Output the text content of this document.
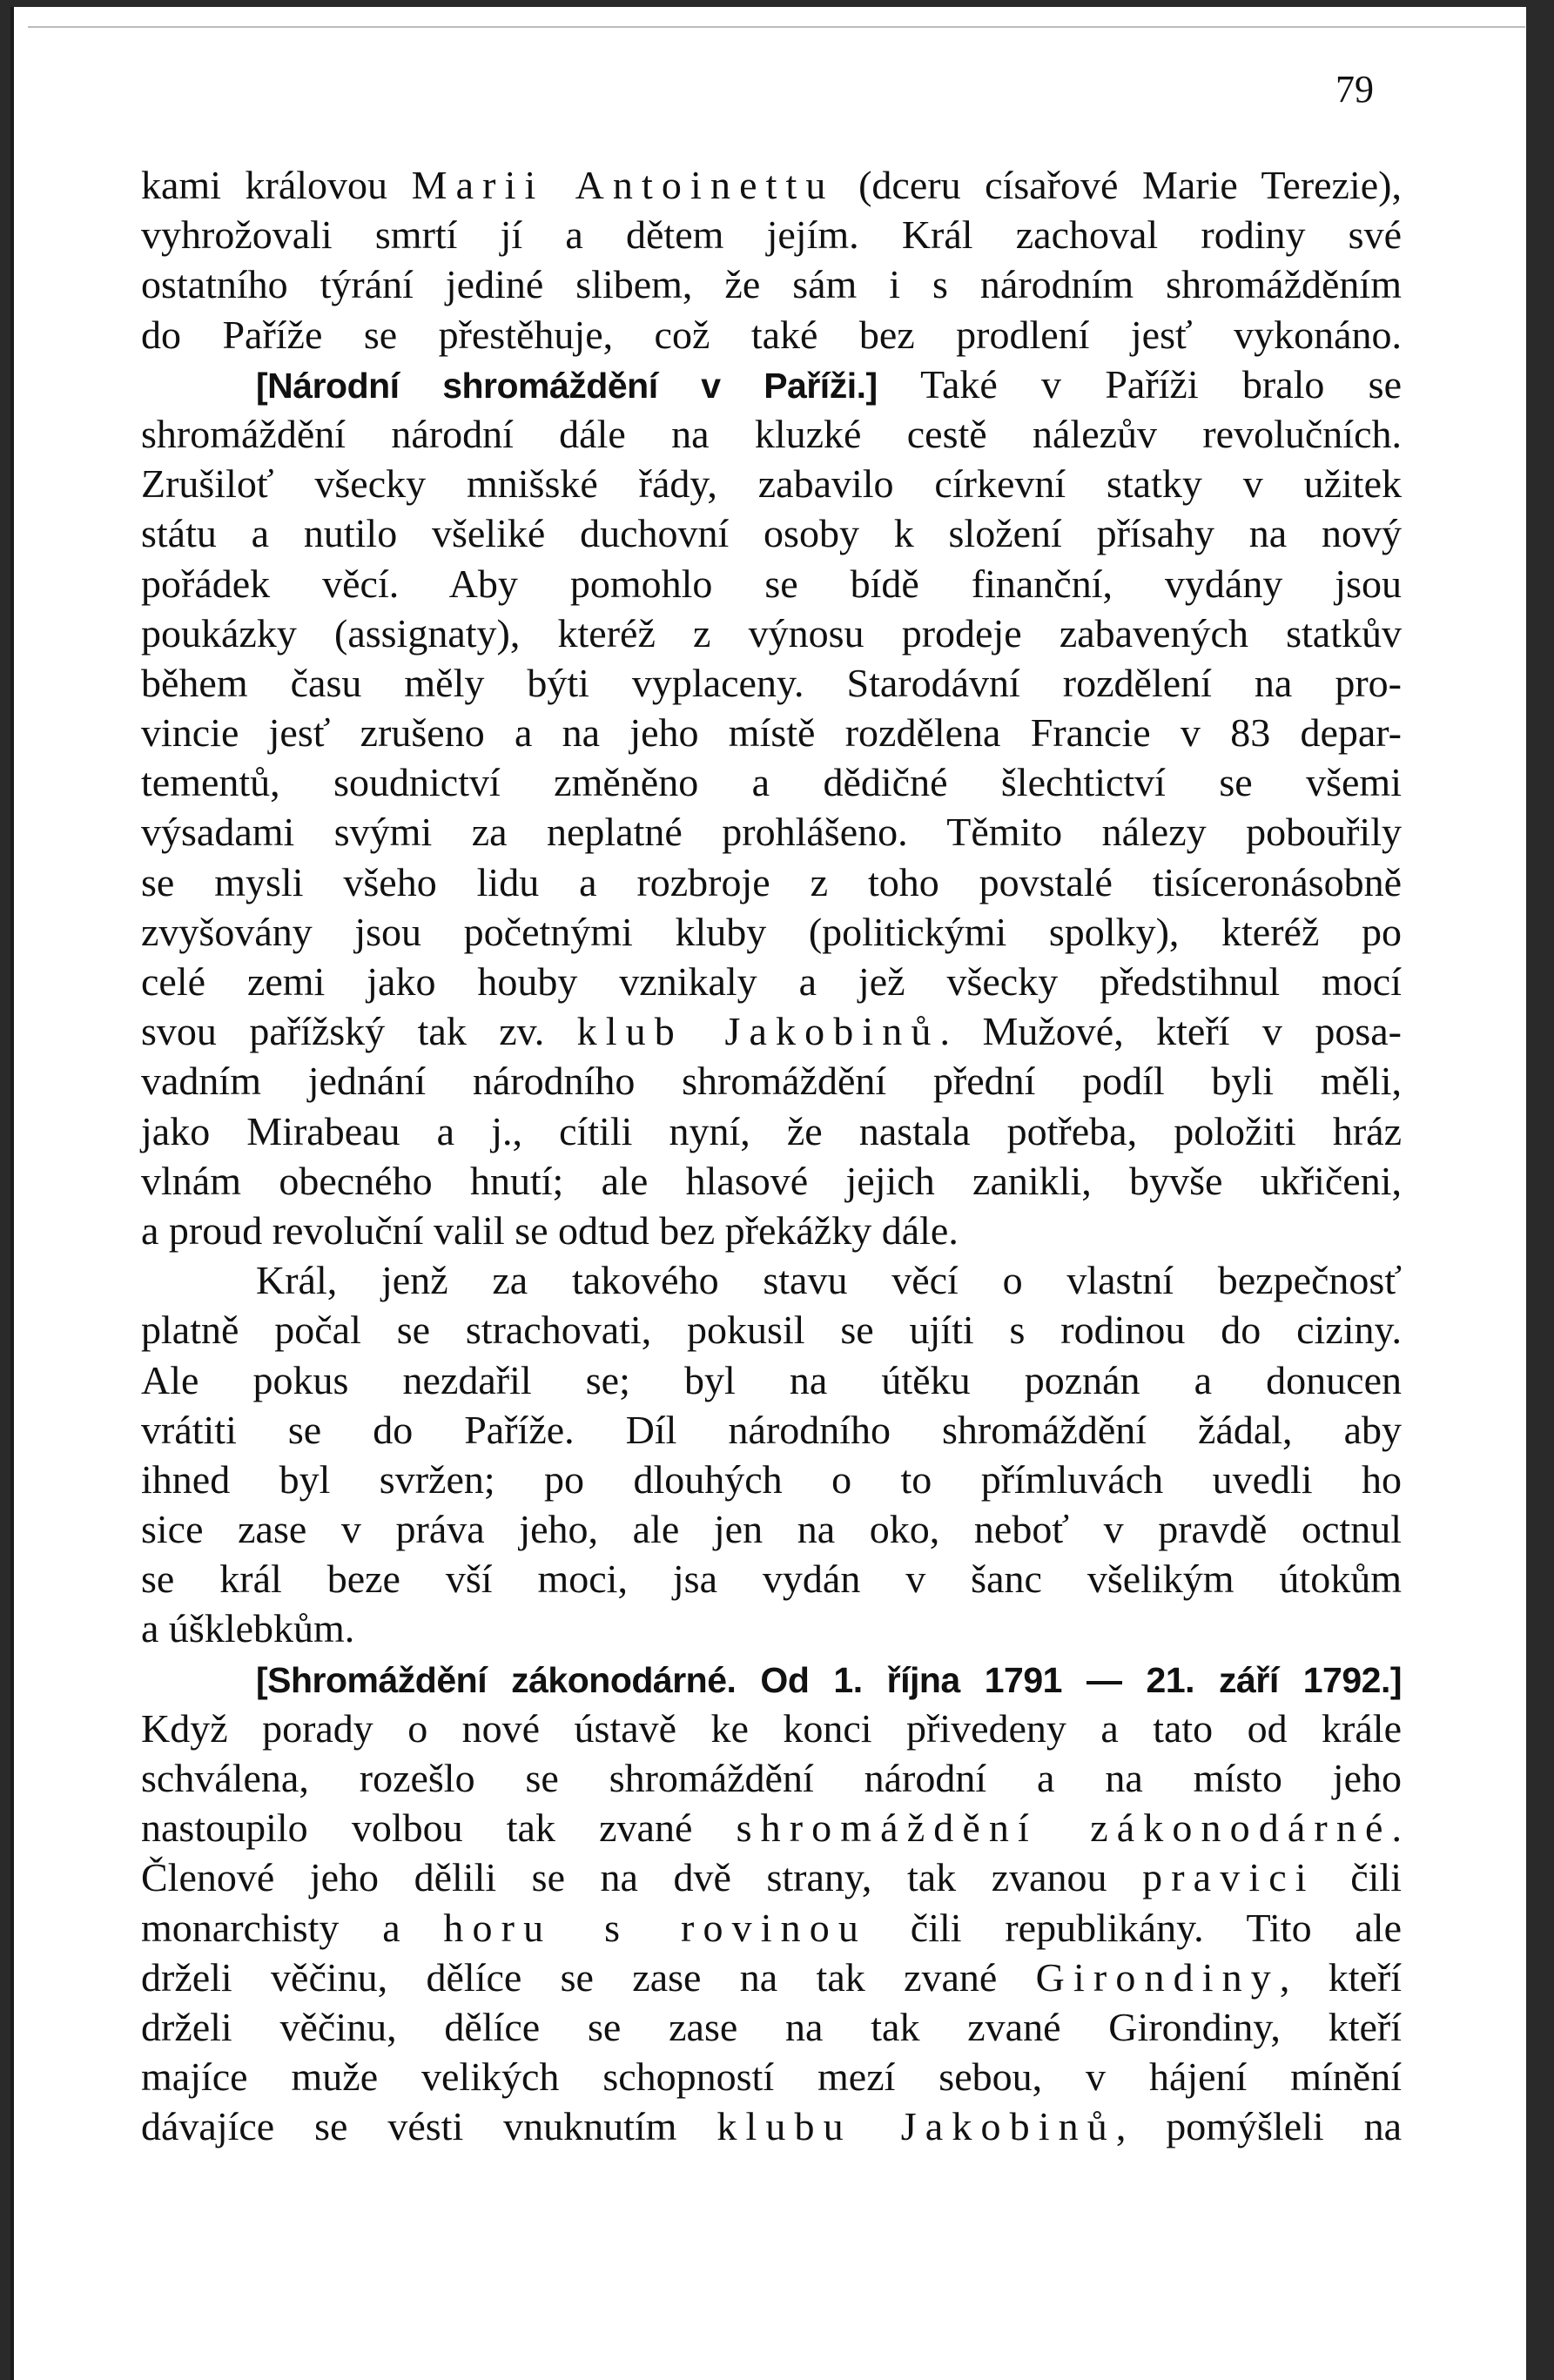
79
kami královou Marii Antoinettu (dceru císařové Marie Terezie),
vyhrožovali smrtí jí a dětem jejím. Král zachoval rodiny své
ostatního týrání jediné slibem, že sám i s národním shromážděním
do Paříže se přestěhuje, což také bez prodlení jesť vykonáno.
[Národní shromáždění v Paříži.] Také v Paříži bralo se
shromáždění národní dále na kluzké cestě nálezův revolučních.
Zrušiloť všecky mnišské řády, zabavilo církevní statky v užitek
státu a nutilo všeliké duchovní osoby k složení přísahy na nový
pořádek věcí. Aby pomohlo se bídě finanční, vydány jsou
poukázky (assignaty), kteréž z výnosu prodeje zabavených statkův
během času měly býti vyplaceny. Starodávní rozdělení na pro-
vincie jesť zrušeno a na jeho místě rozdělena Francie v 83 depar-
tementů, soudnictví změněno a dědičné šlechtictví se všemi
výsadami svými za neplatné prohlášeno. Těmito nálezy pobouřily
se mysli všeho lidu a rozbroje z toho povstalé tisíceronásobně
zvyšovány jsou početnými kluby (politickými spolky), kteréž po
celé zemi jako houby vznikaly a jež všecky předstihnul mocí
svou pařížský tak zv. klub Jakobinů. Mužové, kteří v posa-
vadním jednání národního shromáždění přední podíl byli měli,
jako Mirabeau a j., cítili nyní, že nastala potřeba, položiti hráz
vlnám obecného hnutí; ale hlasové jejich zanikli, byvše ukřičeni,
a proud revoluční valil se odtud bez překážky dále.
Král, jenž za takového stavu věcí o vlastní bezpečnosť
platně počal se strachovati, pokusil se ujíti s rodinou do ciziny.
Ale pokus nezdařil se; byl na útěku poznán a donucen
vrátiti se do Paříže. Díl národního shromáždění žádal, aby
ihned byl svržen; po dlouhých o to přímluvách uvedli ho
sice zase v práva jeho, ale jen na oko, neboť v pravdě octnul
se král beze vší moci, jsa vydán v šanc všelikým útokům
a úšklebkům.
[Shromáždění zákonodárné. Od 1. října 1791 — 21. září 1792.]
Když porady o nové ústavě ke konci přivedeny a tato od krále
schválena, rozešlo se shromáždění národní a na místo jeho
nastoupilo volbou tak zvané shromáždění zákonodárné.
Členové jeho dělili se na dvě strany, tak zvanou pravici čili
monarchisty a horu s rovinou čili republikány. Tito ale
drželi věčinu, dělíce se zase na tak zvané Girondiny, kteří
drželi věčinu, dělíce se zase na tak zvané Girondiny, kteří
majíce muže velikých schopností mezí sebou, v hájení mínění
dávajíce se vésti vnuknutím klubu Jakobinů, pomýšleli na
